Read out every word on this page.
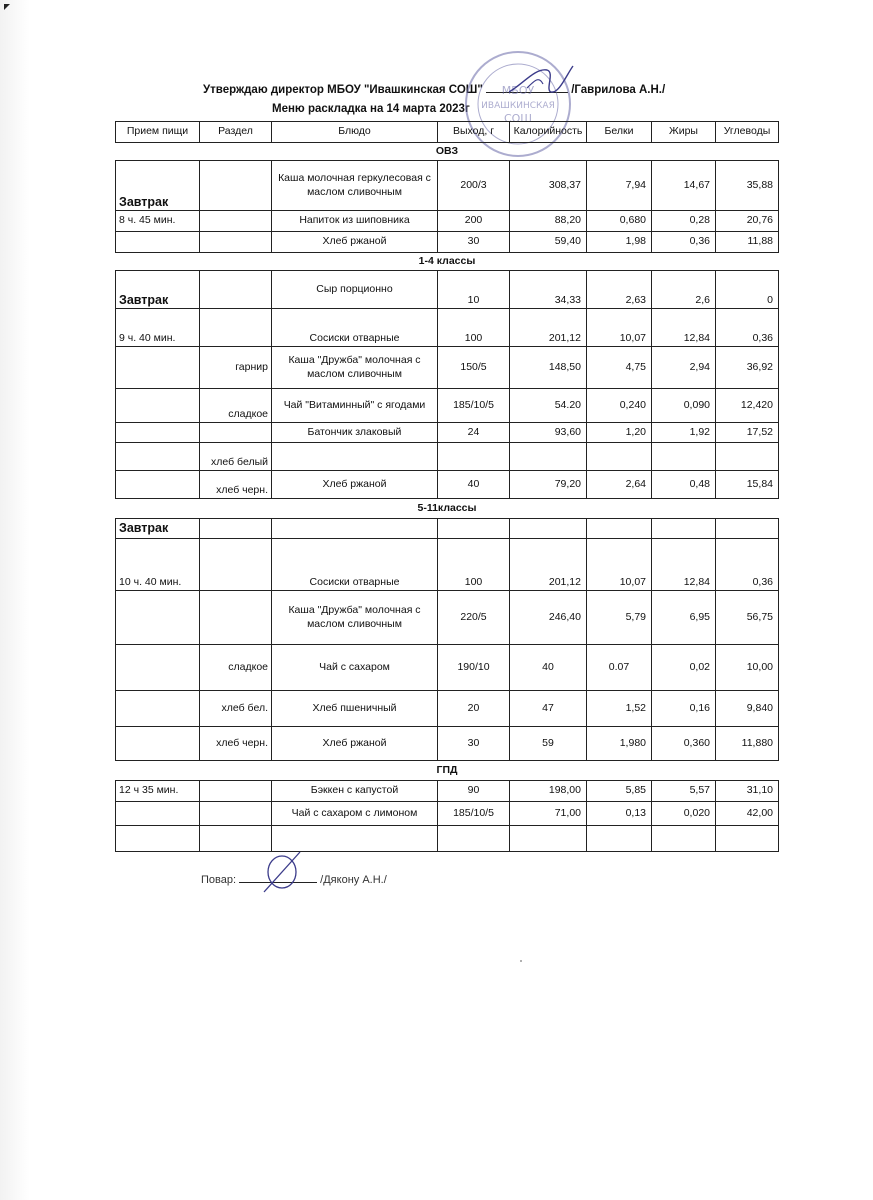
Утверждаю директор МБОУ "Ивашкинская СОШ"	/Гаврилова А.Н./
Меню раскладка на 14 марта 2023г
МБОУ
ИВАШКИНСКАЯ
СОШ
Прием пищи	Раздел	Блюдо	Выход, г	Калорийность	Белки	Жиры	Углеводы
ОВЗ							
Завтрак		Каша молочная геркулесовая с маслом сливочным	200/3	308,37	7,94	14,67	35,88
8 ч. 45 мин.		Напиток из шиповника	200	88,20	0,680	0,28	20,76
		Хлеб ржаной	30	59,40	1,98	0,36	11,88
1-4 классы							
Завтрак		Сыр порционно	10	34,33	2,63	2,6	0
9 ч. 40 мин.		Сосиски отварные	100	201,12	10,07	12,84	0,36
	гарнир	Каша "Дружба" молочная с маслом сливочным	150/5	148,50	4,75	2,94	36,92
	сладкое	Чай "Витаминный" с ягодами	185/10/5	54.20	0,240	0,090	12,420
		Батончик злаковый	24	93,60	1,20	1,92	17,52
	хлеб белый						
	хлеб черн.	Хлеб ржаной	40	79,20	2,64	0,48	15,84
5-11классы							
Завтрак							
10 ч. 40 мин.		Сосиски отварные	100	201,12	10,07	12,84	0,36
		Каша "Дружба" молочная с маслом сливочным	220/5	246,40	5,79	6,95	56,75
	сладкое	Чай с сахаром	190/10	40	0.07	0,02	10,00
	хлеб бел.	Хлеб пшеничный	20	47	1,52	0,16	9,840
	хлеб черн.	Хлеб ржаной	30	59	1,980	0,360	11,880
ГПД							
12 ч 35 мин.		Бэккен с капустой	90	198,00	5,85	5,57	31,10
		Чай с сахаром с лимоном	185/10/5	71,00	0,13	0,020	42,00

Повар:	/Дякону А.Н./
